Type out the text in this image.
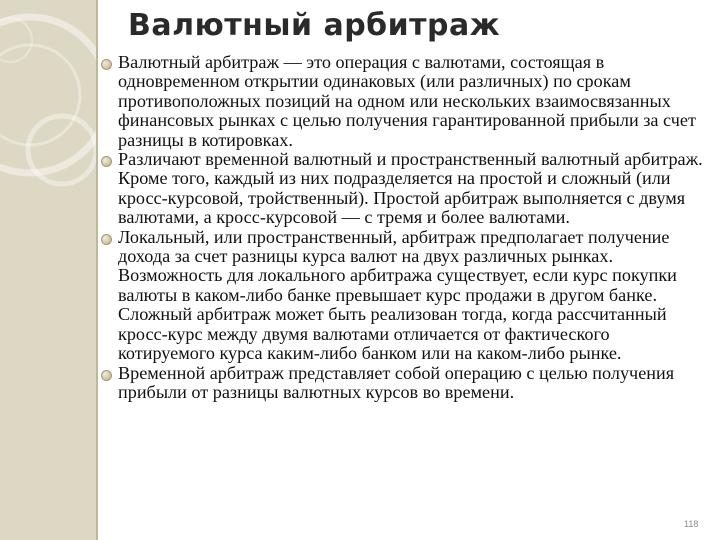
Валютный арбитраж
Валютный арбитраж — это операция с валютами, состоящая в одновременном открытии одинаковых (или различных) по срокам противоположных позиций на одном или нескольких взаимосвязанных финансовых рынках с целью получения гарантированной прибыли за счет разницы в котировках.
Различают временной валютный и пространственный валютный арбитраж. Кроме того, каждый из них подразделяется на простой и сложный (или кросс-курсовой, тройственный). Простой арбитраж выполняется с двумя валютами, а кросс-курсовой — с тремя и более валютами.
Локальный, или пространственный, арбитраж предполагает получение дохода за счет разницы курса валют на двух различных рынках. Возможность для локального арбитража существует, если курс покупки валюты в каком-либо банке превышает курс продажи в другом банке. Сложный арбитраж может быть реализован тогда, когда рассчитанный кросс-курс между двумя валютами отличается от фактического котируемого курса каким-либо банком или на каком-либо рынке.
Временной арбитраж представляет собой операцию с целью получения прибыли от разницы валютных курсов во времени.
118
